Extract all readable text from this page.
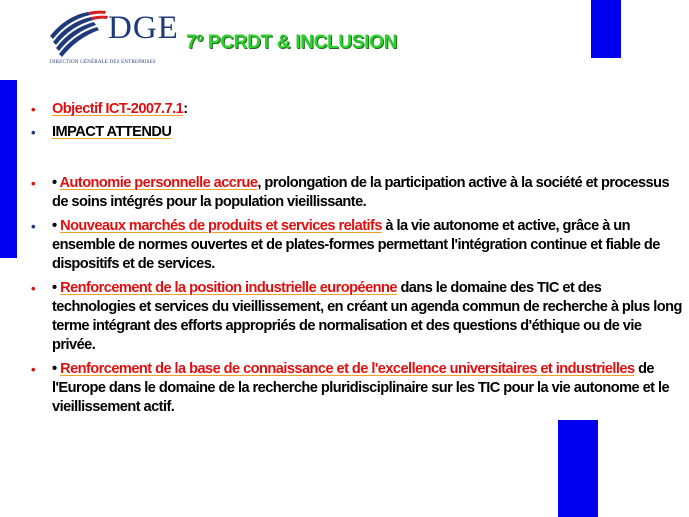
DGE
DIRECTION GÉNÉRALE DES ENTREPRISES
7º PCRDT & INCLUSION
•	Objectif ICT-2007.7.1:
•	IMPACT ATTENDU
•	• Autonomie personnelle accrue, prolongation de la participation active à la société et processus de soins intégrés pour la population vieillissante.
•	• Nouveaux marchés de produits et services relatifs à la vie autonome et active, grâce à un ensemble de normes ouvertes et de plates-formes permettant l'intégration continue et fiable de dispositifs et de services.
•	• Renforcement de la position industrielle européenne dans le domaine des TIC et des technologies et services du vieillissement, en créant un agenda commun de recherche à plus long terme intégrant des efforts appropriés de normalisation et des questions d'éthique ou de vie privée.
•	• Renforcement de la base de connaissance et de l'excellence universitaires et industrielles de l'Europe dans le domaine de la recherche pluridisciplinaire sur les TIC pour la vie autonome et le vieillissement actif.
